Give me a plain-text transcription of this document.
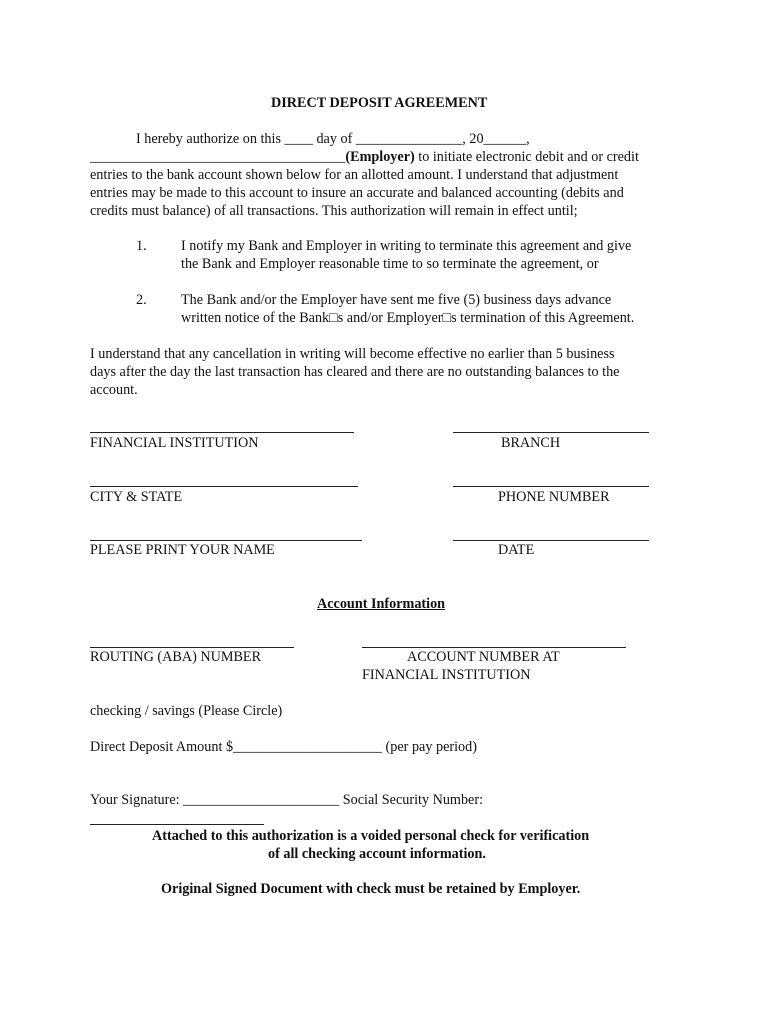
DIRECT DEPOSIT AGREEMENT
I hereby authorize on this ____ day of _______________, 20______,
____________________________________(Employer) to initiate electronic debit and or credit
entries to the bank account shown below for an allotted amount. I understand that adjustment
entries may be made to this account to insure an accurate and balanced accounting (debits and
credits must balance) of all transactions. This authorization will remain in effect until;
1. I notify my Bank and Employer in writing to terminate this agreement and give
the Bank and Employer reasonable time to so terminate the agreement, or
2. The Bank and/or the Employer have sent me five (5) business days advance
written notice of the Bank□s and/or Employer□s termination of this Agreement.
I understand that any cancellation in writing will become effective no earlier than 5 business
days after the day the last transaction has cleared and there are no outstanding balances to the
account.
FINANCIAL INSTITUTION	BRANCH
CITY & STATE	PHONE NUMBER
PLEASE PRINT YOUR NAME	DATE
Account Information
ROUTING (ABA) NUMBER	ACCOUNT NUMBER AT
FINANCIAL INSTITUTION
checking / savings (Please Circle)
Direct Deposit Amount $_____________________ (per pay period)
Your Signature: ______________________ Social Security Number:
Attached to this authorization is a voided personal check for verification
of all checking account information.
Original Signed Document with check must be retained by Employer.
